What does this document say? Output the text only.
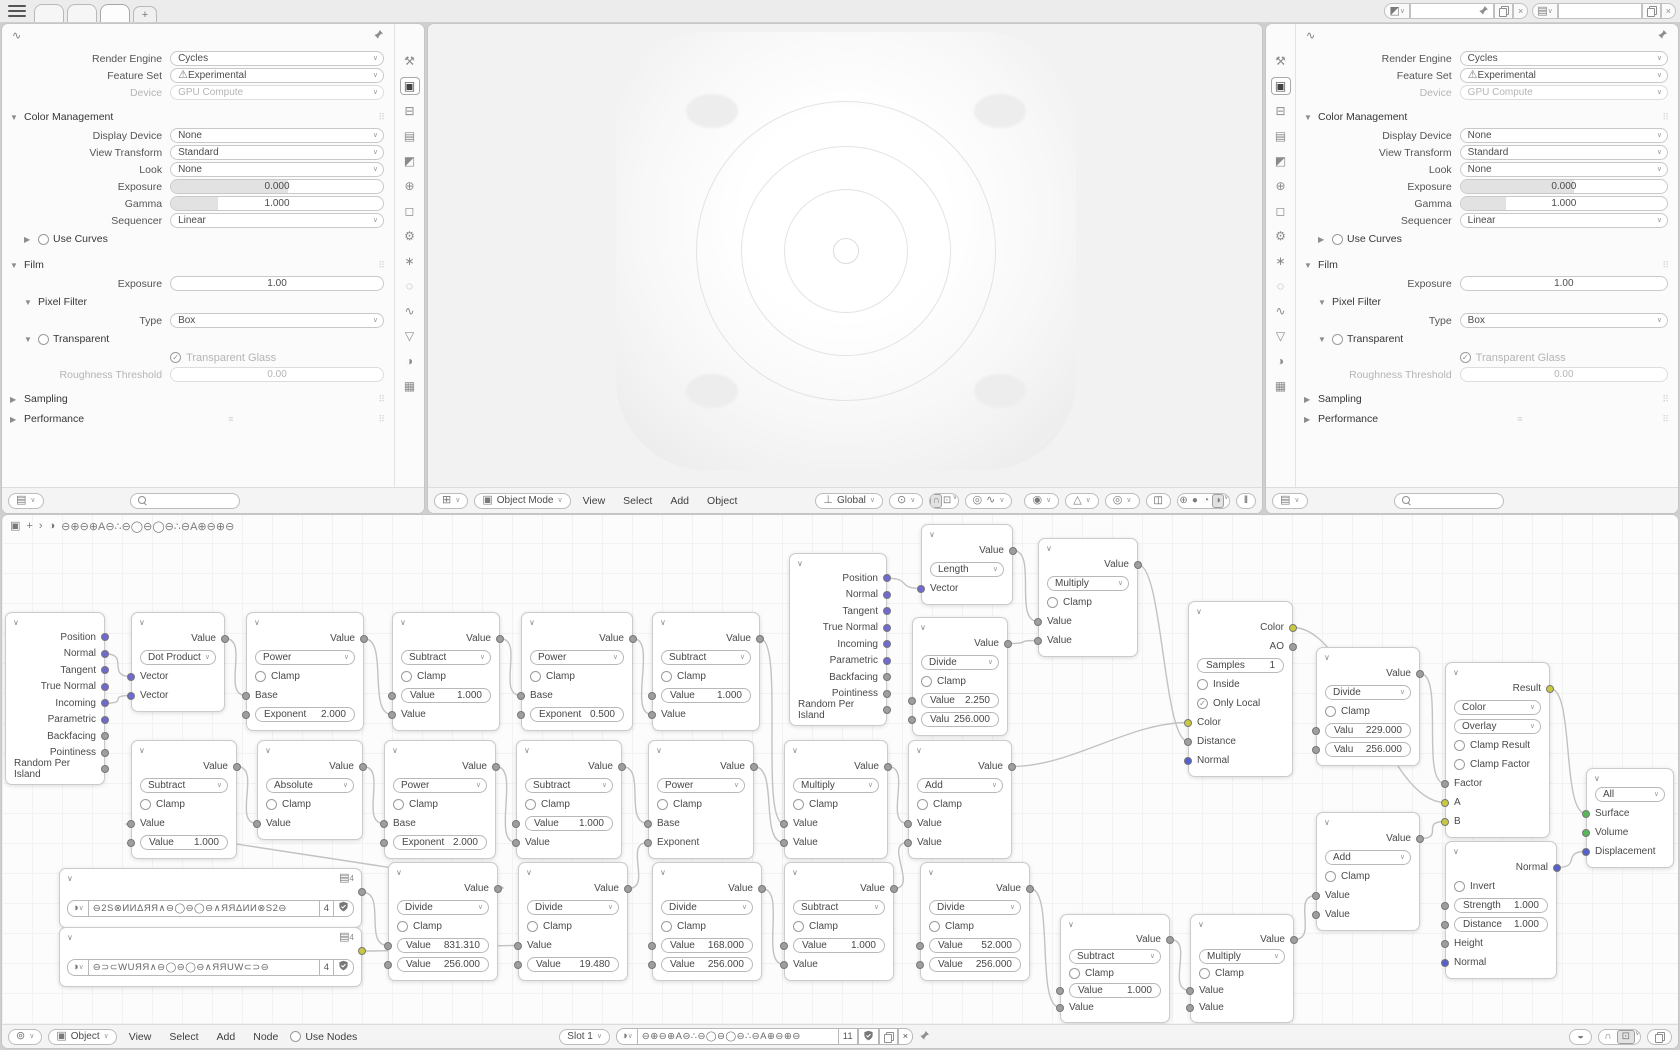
+	◩ ∨	×	▤ ∨	×
⚒
▣
⊟
▤
◩
⊕
◻
⚙
∗
◌
∿
▽
◑
▦
∿
Render Engine	Cycles	∨
Feature Set	⚠ Experimental	∨
Device	GPU Compute	∨
▼ Color Management	⠿
Display Device	None	∨
View Transform	Standard	∨
Look	None	∨
Exposure	0.000
Gamma	1.000
Sequencer	Linear	∨
▶	Use Curves
▼ Film	⠿
Exposure	1.00
▼ Pixel Filter
Type	Box	∨
▼ Transparent
✓ Transparent Glass
Roughness Threshold	0.00
▶ Sampling	⠿
▶ Performance	≡	⠿
▤ ∨	⊞ ∨ ▣ Object Mode ∨	View	Select	Add	Object	⊥ Global ∨ ⊙ ∨ ∩ ⊡ ∨ ◎ ∿ ∨	◉ ∨ △ ∨ ◎ ∨	◫	⊕ ● ◔ ◑ ∨	‖
⚒
▣
⊟
▤
◩
⊕
◻
⚙
∗
◌
∿
▽
◑
▦
∿
Render Engine	Cycles	∨
Feature Set	⚠ Experimental	∨
Device	GPU Compute	∨
▼ Color Management	⠿
Display Device	None	∨
View Transform	Standard	∨
Look	None	∨
Exposure	0.000
Gamma	1.000
Sequencer	Linear	∨
▶	Use Curves
▼ Film	⠿
Exposure	1.00
▼ Pixel Filter
Type	Box	∨
▼ Transparent
✓ Transparent Glass
Roughness Threshold	0.00
▶ Sampling	⠿
▶ Performance	≡	⠿
▤ ∨
▣ + › ◑ ⊖⊕⊖⊕A⊖∴⊖◯⊖◯⊖∴⊖A⊕⊖⊕⊖
∨
Position
Normal
Tangent
True Normal
Incoming
Parametric
Backfacing
Pointiness
Random Per Island
∨
Value
Dot Product ∨
Vector
Vector
∨
Value
Power	∨
Clamp
Base
Exponent 2.000
∨
Value
Subtract	∨
Clamp
Value 1.000
Value
∨
Value
Power	∨
Clamp
Base
Exponent 0.500
∨
Value
Subtract	∨
Clamp
Value 1.000
Value
∨
Position
Normal
Tangent
True Normal
Incoming
Parametric
Backfacing
Pointiness
Random Per Island
∨
Value
Length	∨
Vector
∨
Value
Multiply	∨
Clamp
Value
Value
∨
Value
Divide	∨
Clamp
Value 2.250
Valu 256.000
∨
Color
AO
Samples 1
Inside
✓ Only Local
Color
Distance
Normal
∨
Value
Divide	∨
Clamp
Valu 229.000
Valu 256.000
∨
Result
Color	∨
Overlay	∨
Clamp Result
Clamp Factor
Factor
A
B
∨
All	∨
Surface
Volume
Displacement
∨
Value
Add	∨
Clamp
Value
Value
∨
Normal
Invert
Strength 1.000
Distance 1.000
Height
Normal
∨
Value
Subtract	∨
Clamp
Value
Value 1.000
∨
Value
Absolute	∨
Clamp
Value
∨
Value
Power	∨
Clamp
Base
Exponent 2.000
∨
Value
Subtract	∨
Clamp
Value 1.000
Value
∨
Value
Power	∨
Clamp
Base
Exponent
∨
Value
Multiply	∨
Clamp
Value
Value
∨
Value
Add	∨
Clamp
Value
Value
∨
Value
Divide	∨
Clamp
Value 831.310
Value 256.000
∨
Value
Divide	∨
Clamp
Value
Value 19.480
∨
Value
Divide	∨
Clamp
Value 168.000
Value 256.000
∨
Value
Subtract	∨
Clamp
Value 1.000
Value
∨
Value
Divide	∨
Clamp
Value 52.000
Value 256.000
∨
Value
Subtract	∨
Clamp
Value 1.000
Value
∨
Value
Multiply	∨
Clamp
Value
Value
∨	▤4
◑ ∨ ⊖2S⊗ИИΔЯЯ∧⊖◯⊖◯⊖∧ЯЯΔИИ⊗S2⊖	4
∨	▤4
◑ ∨ ⊖⊃⊂WUЯЯ∧⊖◯⊖◯⊖∧ЯЯUW⊂⊃⊖	4
⊚ ∨ ▣ Object ∨	View	Select	Add	Node	Use Nodes	Slot 1 ∨ ◑ ∨ ⊖⊕⊖⊕A⊖∴⊖◯⊖◯⊖∴⊖A⊕⊖⊕⊖	11	×	◒	∩	⊡ ∨
